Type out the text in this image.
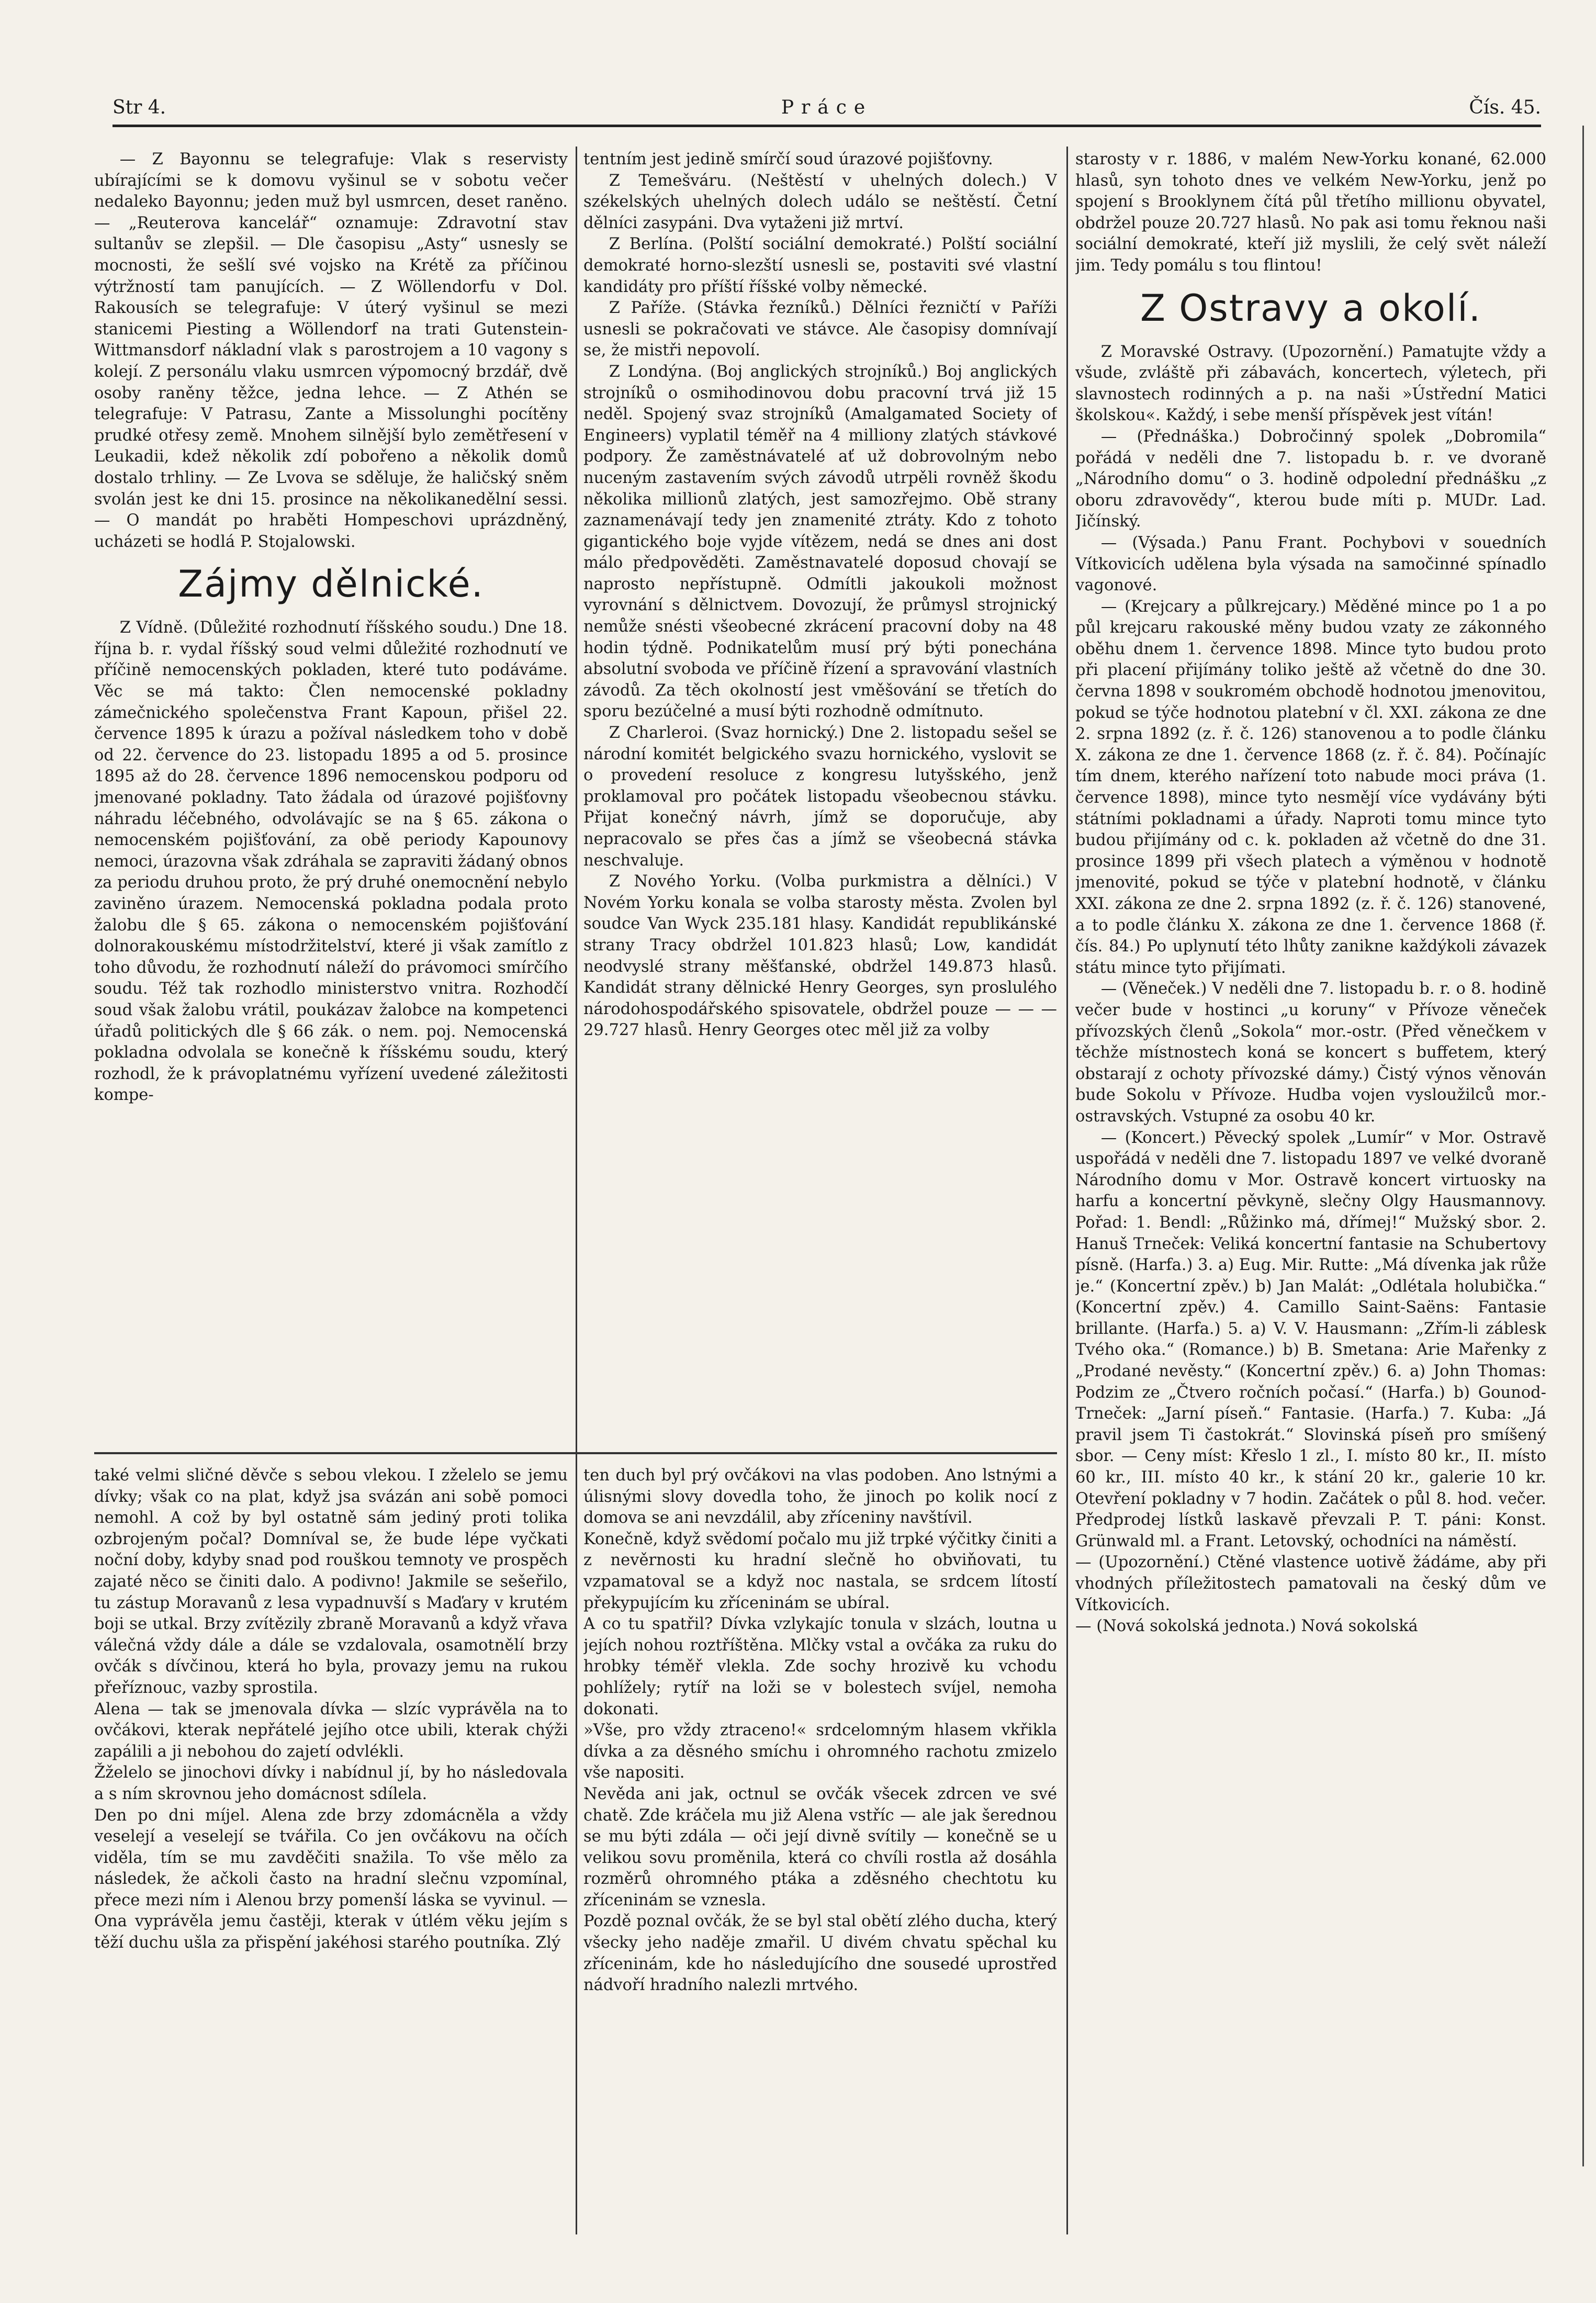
Str 4.	Práce	Čís. 45.

— Z Bayonnu se telegrafuje: Vlak s reservisty ubírajícími se k domovu vyšinul se v sobotu večer nedaleko Bayonnu; jeden muž byl usmrcen, deset raněno. — „Reuterova kancelář“ oznamuje: Zdravotní stav sultanův se zlepšil. — Dle časopisu „Asty“ usnesly se mocnosti, že sešlí své vojsko na Krétě za příčinou výtržností tam panujících. — Z Wöllendorfu v Dol. Rakousích se telegrafuje: V úterý vyšinul se mezi stanicemi Piesting a Wöllendorf na trati Gutenstein-Wittmansdorf nákladní vlak s parostrojem a 10 vagony s kolejí. Z personálu vlaku usmrcen výpomocný brzdář, dvě osoby raněny těžce, jedna lehce. — Z Athén se telegrafuje: V Patrasu, Zante a Missolunghi pocítěny prudké otřesy země. Mnohem silnější bylo zemětřesení v Leukadii, kdež několik zdí pobořeno a několik domů dostalo trhliny. — Ze Lvova se sděluje, že haličský sněm svolán jest ke dni 15. prosince na několikanedělní sessi. — O mandát po hraběti Hompeschovi uprázdněný, ucházeti se hodlá P. Stojalowski.

Zájmy dělnické.

Z Vídně. (Důležité rozhodnutí říšského soudu.) Dne 18. října b. r. vydal říšský soud velmi důležité rozhodnutí ve příčině nemocenských pokladen, které tuto podáváme. Věc se má takto: Člen nemocenské pokladny zámečnického společenstva Frant Kapoun, přišel 22. července 1895 k úrazu a požíval následkem toho v době od 22. července do 23. listopadu 1895 a od 5. prosince 1895 až do 28. července 1896 nemocenskou podporu od jmenované pokladny. Tato žádala od úrazové pojišťovny náhradu léčebného, odvolávajíc se na § 65. zákona o nemocenském pojišťování, za obě periody Kapounovy nemoci, úrazovna však zdráhala se zapraviti žádaný obnos za periodu druhou proto, že prý druhé onemocnění nebylo zaviněno úrazem. Nemocenská pokladna podala proto žalobu dle § 65. zákona o nemocenském pojišťování dolnorakouskému místodržitelství, které ji však zamítlo z toho důvodu, že rozhodnutí náleží do právomoci smírčího soudu. Též tak rozhodlo ministerstvo vnitra. Rozhodčí soud však žalobu vrátil, poukázav žalobce na kompetenci úřadů politických dle § 66 zák. o nem. poj. Nemocenská pokladna odvolala se konečně k říšskému soudu, který rozhodl, že k právoplatnému vyřízení uvedené záležitosti kompe-

tentním jest jedině smírčí soud úrazové pojišťovny.

Z Temešváru. (Neštěstí v uhelných dolech.) V székelských uhelných dolech událo se neštěstí. Četní dělníci zasypáni. Dva vytaženi již mrtví.

Z Berlína. (Polští sociální demokraté.) Polští sociální demokraté horno-slezští usnesli se, postaviti své vlastní kandidáty pro příští říšské volby německé.

Z Paříže. (Stávka řezníků.) Dělníci řezničtí v Paříži usnesli se pokračovati ve stávce. Ale časopisy domnívají se, že mistři nepovolí.

Z Londýna. (Boj anglických strojníků.) Boj anglických strojníků o osmihodinovou dobu pracovní trvá již 15 neděl. Spojený svaz strojníků (Amalgamated Society of Engineers) vyplatil téměř na 4 milliony zlatých stávkové podpory. Že zaměstnávatelé ať už dobrovolným nebo nuceným zastavením svých závodů utrpěli rovněž škodu několika millionů zlatých, jest samozřejmo. Obě strany zaznamenávají tedy jen znamenité ztráty. Kdo z tohoto gigantického boje vyjde vítězem, nedá se dnes ani dost málo předpověděti. Zaměstnavatelé doposud chovají se naprosto nepřístupně. Odmítli jakoukoli možnost vyrovnání s dělnictvem. Dovozují, že průmysl strojnický nemůže snésti všeobecné zkrácení pracovní doby na 48 hodin týdně. Podnikatelům musí prý býti ponechána absolutní svoboda ve příčině řízení a spravování vlastních závodů. Za těch okolností jest vměšování se třetích do sporu bezúčelné a musí býti rozhodně odmítnuto.

Z Charleroi. (Svaz hornický.) Dne 2. listopadu sešel se národní komitét belgického svazu hornického, vyslovit se o provedení resoluce z kongresu lutyšského, jenž proklamoval pro počátek listopadu všeobecnou stávku. Přijat konečný návrh, jímž se doporučuje, aby nepracovalo se přes čas a jímž se všeobecná stávka neschvaluje.

Z Nového Yorku. (Volba purkmistra a dělníci.) V Novém Yorku konala se volba starosty města. Zvolen byl soudce Van Wyck 235.181 hlasy. Kandidát republikánské strany Tracy obdržel 101.823 hlasů; Low, kandidát neodvyslé strany měšťanské, obdržel 149.873 hlasů. Kandidát strany dělnické Henry Georges, syn proslulého národohospodářského spisovatele, obdržel pouze — — — 29.727 hlasů. Henry Georges otec měl již za volby

starosty v r. 1886, v malém New-Yorku konané, 62.000 hlasů, syn tohoto dnes ve velkém New-Yorku, jenž po spojení s Brooklynem čítá půl třetího millionu obyvatel, obdržel pouze 20.727 hlasů. No pak asi tomu řeknou naši sociální demokraté, kteří již myslili, že celý svět náleží jim. Tedy pomálu s tou flintou!

Z Ostravy a okolí.

Z Moravské Ostravy. (Upozornění.) Pamatujte vždy a všude, zvláště při zábavách, koncertech, výletech, při slavnostech rodinných a p. na naši »Ústřední Matici školskou«. Každý, i sebe menší příspěvek jest vítán!

— (Přednáška.) Dobročinný spolek „Dobromila“ pořádá v neděli dne 7. listopadu b. r. ve dvoraně „Národního domu“ o 3. hodině odpolední přednášku „z oboru zdravovědy“, kterou bude míti p. MUDr. Lad. Jičínský.

— (Výsada.) Panu Frant. Pochybovi v souedních Vítkovicích udělena byla výsada na samočinné spínadlo vagonové.

— (Krejcary a půlkrejcary.) Měděné mince po 1 a po půl krejcaru rakouské měny budou vzaty ze zákonného oběhu dnem 1. července 1898. Mince tyto budou proto při placení přijímány toliko ještě až včetně do dne 30. června 1898 v soukromém obchodě hodnotou jmenovitou, pokud se týče hodnotou platební v čl. XXI. zákona ze dne 2. srpna 1892 (z. ř. č. 126) stanovenou a to podle článku X. zákona ze dne 1. července 1868 (z. ř. č. 84). Počínajíc tím dnem, kterého nařízení toto nabude moci práva (1. července 1898), mince tyto nesmějí více vydávány býti státními pokladnami a úřady. Naproti tomu mince tyto budou přijímány od c. k. pokladen až včetně do dne 31. prosince 1899 při všech platech a výměnou v hodnotě jmenovité, pokud se týče v platební hodnotě, v článku XXI. zákona ze dne 2. srpna 1892 (z. ř. č. 126) stanovené, a to podle článku X. zákona ze dne 1. července 1868 (ř. čís. 84.) Po uplynutí této lhůty zanikne každýkoli závazek státu mince tyto přijímati.

— (Věneček.) V neděli dne 7. listopadu b. r. o 8. hodině večer bude v hostinci „u koruny“ v Přívoze věneček přívozských členů „Sokola“ mor.-ostr. (Před věnečkem v těchže místnostech koná se koncert s buffetem, který obstarají z ochoty přívozské dámy.) Čistý výnos věnován bude Sokolu v Přívoze. Hudba vojen vysloužilců mor.-ostravských. Vstupné za osobu 40 kr.

— (Koncert.) Pěvecký spolek „Lumír“ v Mor. Ostravě uspořádá v neděli dne 7. listopadu 1897 ve velké dvoraně Národního domu v Mor. Ostravě koncert virtuosky na harfu a koncertní pěvkyně, slečny Olgy Hausmannovy. Pořad: 1. Bendl: „Růžinko má, dřímej!“ Mužský sbor. 2. Hanuš Trneček: Veliká koncertní fantasie na Schubertovy písně. (Harfa.) 3. a) Eug. Mir. Rutte: „Má dívenka jak růže je.“ (Koncertní zpěv.) b) Jan Malát: „Odlétala holubička.“ (Koncertní zpěv.) 4. Camillo Saint-Saëns: Fantasie brillante. (Harfa.) 5. a) V. V. Hausmann: „Zřím-li záblesk Tvého oka.“ (Romance.) b) B. Smetana: Arie Mařenky z „Prodané nevěsty.“ (Koncertní zpěv.) 6. a) John Thomas: Podzim ze „Čtvero ročních počasí.“ (Harfa.) b) Gounod-Trneček: „Jarní píseň.“ Fantasie. (Harfa.) 7. Kuba: „Já pravil jsem Ti častokrát.“ Slovinská píseň pro smíšený sbor. — Ceny míst: Křeslo 1 zl., I. místo 80 kr., II. místo 60 kr., III. místo 40 kr., k stání 20 kr., galerie 10 kr. Otevření pokladny v 7 hodin. Začátek o půl 8. hod. večer. Předprodej lístků laskavě převzali P. T. páni: Konst. Grünwald ml. a Frant. Letovský, ochodníci na náměstí.
— (Upozornění.) Ctěné vlastence uotivě žádáme, aby při vhodných příležitostech pamatovali na český dům ve Vítkovicích.
— (Nová sokolská jednota.) Nová sokolská

také velmi sličné děvče s sebou vlekou. I zželelo se jemu dívky; však co na plat, když jsa svázán ani sobě pomoci nemohl. A což by byl ostatně sám jediný proti tolika ozbrojeným počal? Domníval se, že bude lépe vyčkati noční doby, kdyby snad pod rouškou temnoty ve prospěch zajaté něco se činiti dalo. A podivno! Jakmile se sešeřilo, tu zástup Moravanů z lesa vypadnuvší s Maďary v krutém boji se utkal. Brzy zvítězily zbraně Moravanů a když vřava válečná vždy dále a dále se vzdalovala, osamotnělí brzy ovčák s dívčinou, která ho byla, provazy jemu na rukou přeříznouc, vazby sprostila.
Alena — tak se jmenovala dívka — slzíc vyprávěla na to ovčákovi, kterak nepřátelé jejího otce ubili, kterak chýži zapálili a ji nebohou do zajetí odvlékli.
Žželelo se jinochovi dívky i nabídnul jí, by ho následovala a s ním skrovnou jeho domácnost sdílela.
Den po dni míjel. Alena zde brzy zdomácněla a vždy veselejí a veselejí se tvářila. Co jen ovčákovu na očích viděla, tím se mu zavděčiti snažila. To vše mělo za následek, že ačkoli často na hradní slečnu vzpomínal, přece mezi ním i Alenou brzy pomenší láska se vyvinul. — Ona vyprávěla jemu častěji, kterak v útlém věku jejím s těží duchu ušla za přispění jakéhosi starého poutníka. Zlý
ten duch byl prý ovčákovi na vlas podoben. Ano lstnými a úlisnými slovy dovedla toho, že jinoch po kolik nocí z domova se ani nevzdálil, aby zříceniny navštívil.
Konečně, když svědomí počalo mu již trpké výčitky činiti a z nevěrnosti ku hradní slečně ho obviňovati, tu vzpamatoval se a když noc nastala, se srdcem lítostí překypujícím ku zříceninám se ubíral.
A co tu spatřil? Dívka vzlykajíc tonula v slzách, loutna u jejích nohou roztříštěna. Mlčky vstal a ovčáka za ruku do hrobky téměř vlekla. Zde sochy hrozivě ku vchodu pohlížely; rytíř na loži se v bolestech svíjel, nemoha dokonati.
»Vše, pro vždy ztraceno!« srdcelomným hlasem vkřikla dívka a za děsného smíchu i ohromného rachotu zmizelo vše napositi.
Nevěda ani jak, octnul se ovčák všecek zdrcen ve své chatě. Zde kráčela mu již Alena vstříc — ale jak šerednou se mu býti zdála — oči její divně svítily — konečně se u velikou sovu proměnila, která co chvíli rostla až dosáhla rozměrů ohromného ptáka a zděsného chechtotu ku zříceninám se vznesla.
Pozdě poznal ovčák, že se byl stal obětí zlého ducha, který všecky jeho naděje zmařil. U divém chvatu spěchal ku zříceninám, kde ho následujícího dne sousedé uprostřed nádvoří hradního nalezli mrtvého.
